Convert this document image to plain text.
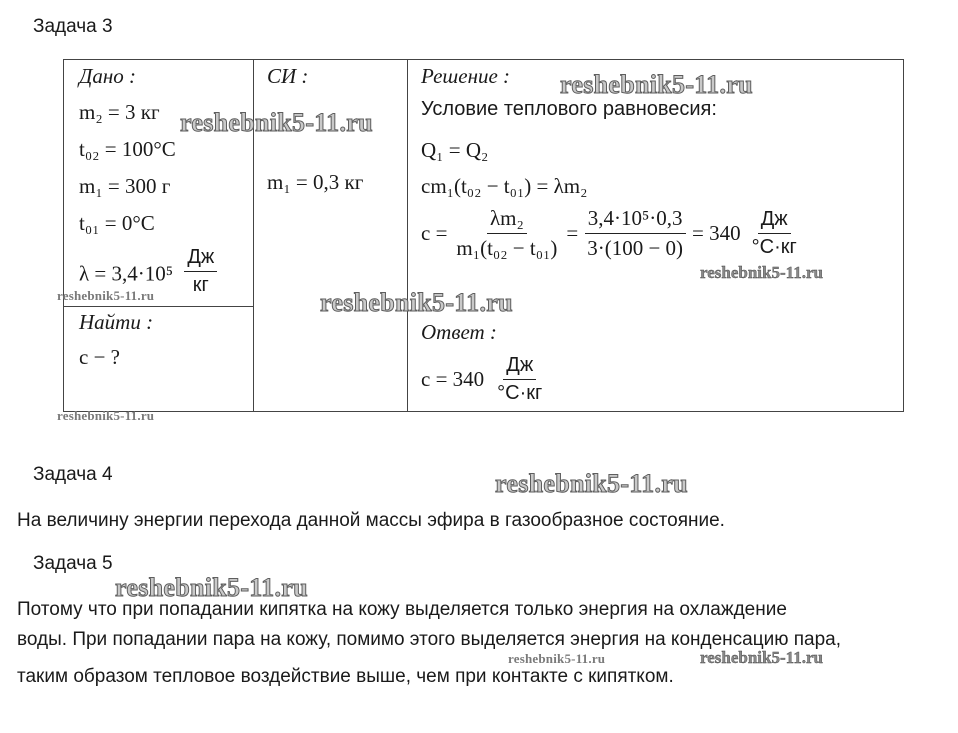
Задача 3
Дано :
m₂ = 3 кг
t₀₂ = 100°C
m₁ = 300 г
t₀₁ = 0°C
$\lambda = 3,4\cdot 10^5 \frac{Дж}{кг}$
Найти :
c − ?
СИ :
m₁ = 0,3 кг
Решение :
Условие теплового равновесия:
Q₁ = Q₂
cm₁(t₀₂ − t₀₁) = λm₂
$c = \frac{\text{λm₂}}{\text{m₁(t₀₂ − t₀₁)}} = \frac{\text{3,4·10⁵·0,3}}{3\cdot(100 - 0)} = 340 \frac{Дж}{^\circ C\cdot кг}$
Ответ :
$c = 340 \frac{Дж}{^\circ C\cdot кг}$
Задача 4
На величину энергии перехода данной массы эфира в газообразное состояние.
Задача 5
Потому что при попадании кипятка на кожу выделяется только энергия на охлаждение
воды. При попадании пара на кожу, помимо этого выделяется энергия на конденсацию пара,
таким образом тепловое воздействие выше, чем при контакте с кипятком.
reshebnik5-11.ru
reshebnik5-11.ru
reshebnik5-11.ru
reshebnik5-11.ru	reshebnik5-11.ru
reshebnik5-11.ru
reshebnik5-11.ru
reshebnik5-11.ru
reshebnik5-11.ru	reshebnik5-11.ru
